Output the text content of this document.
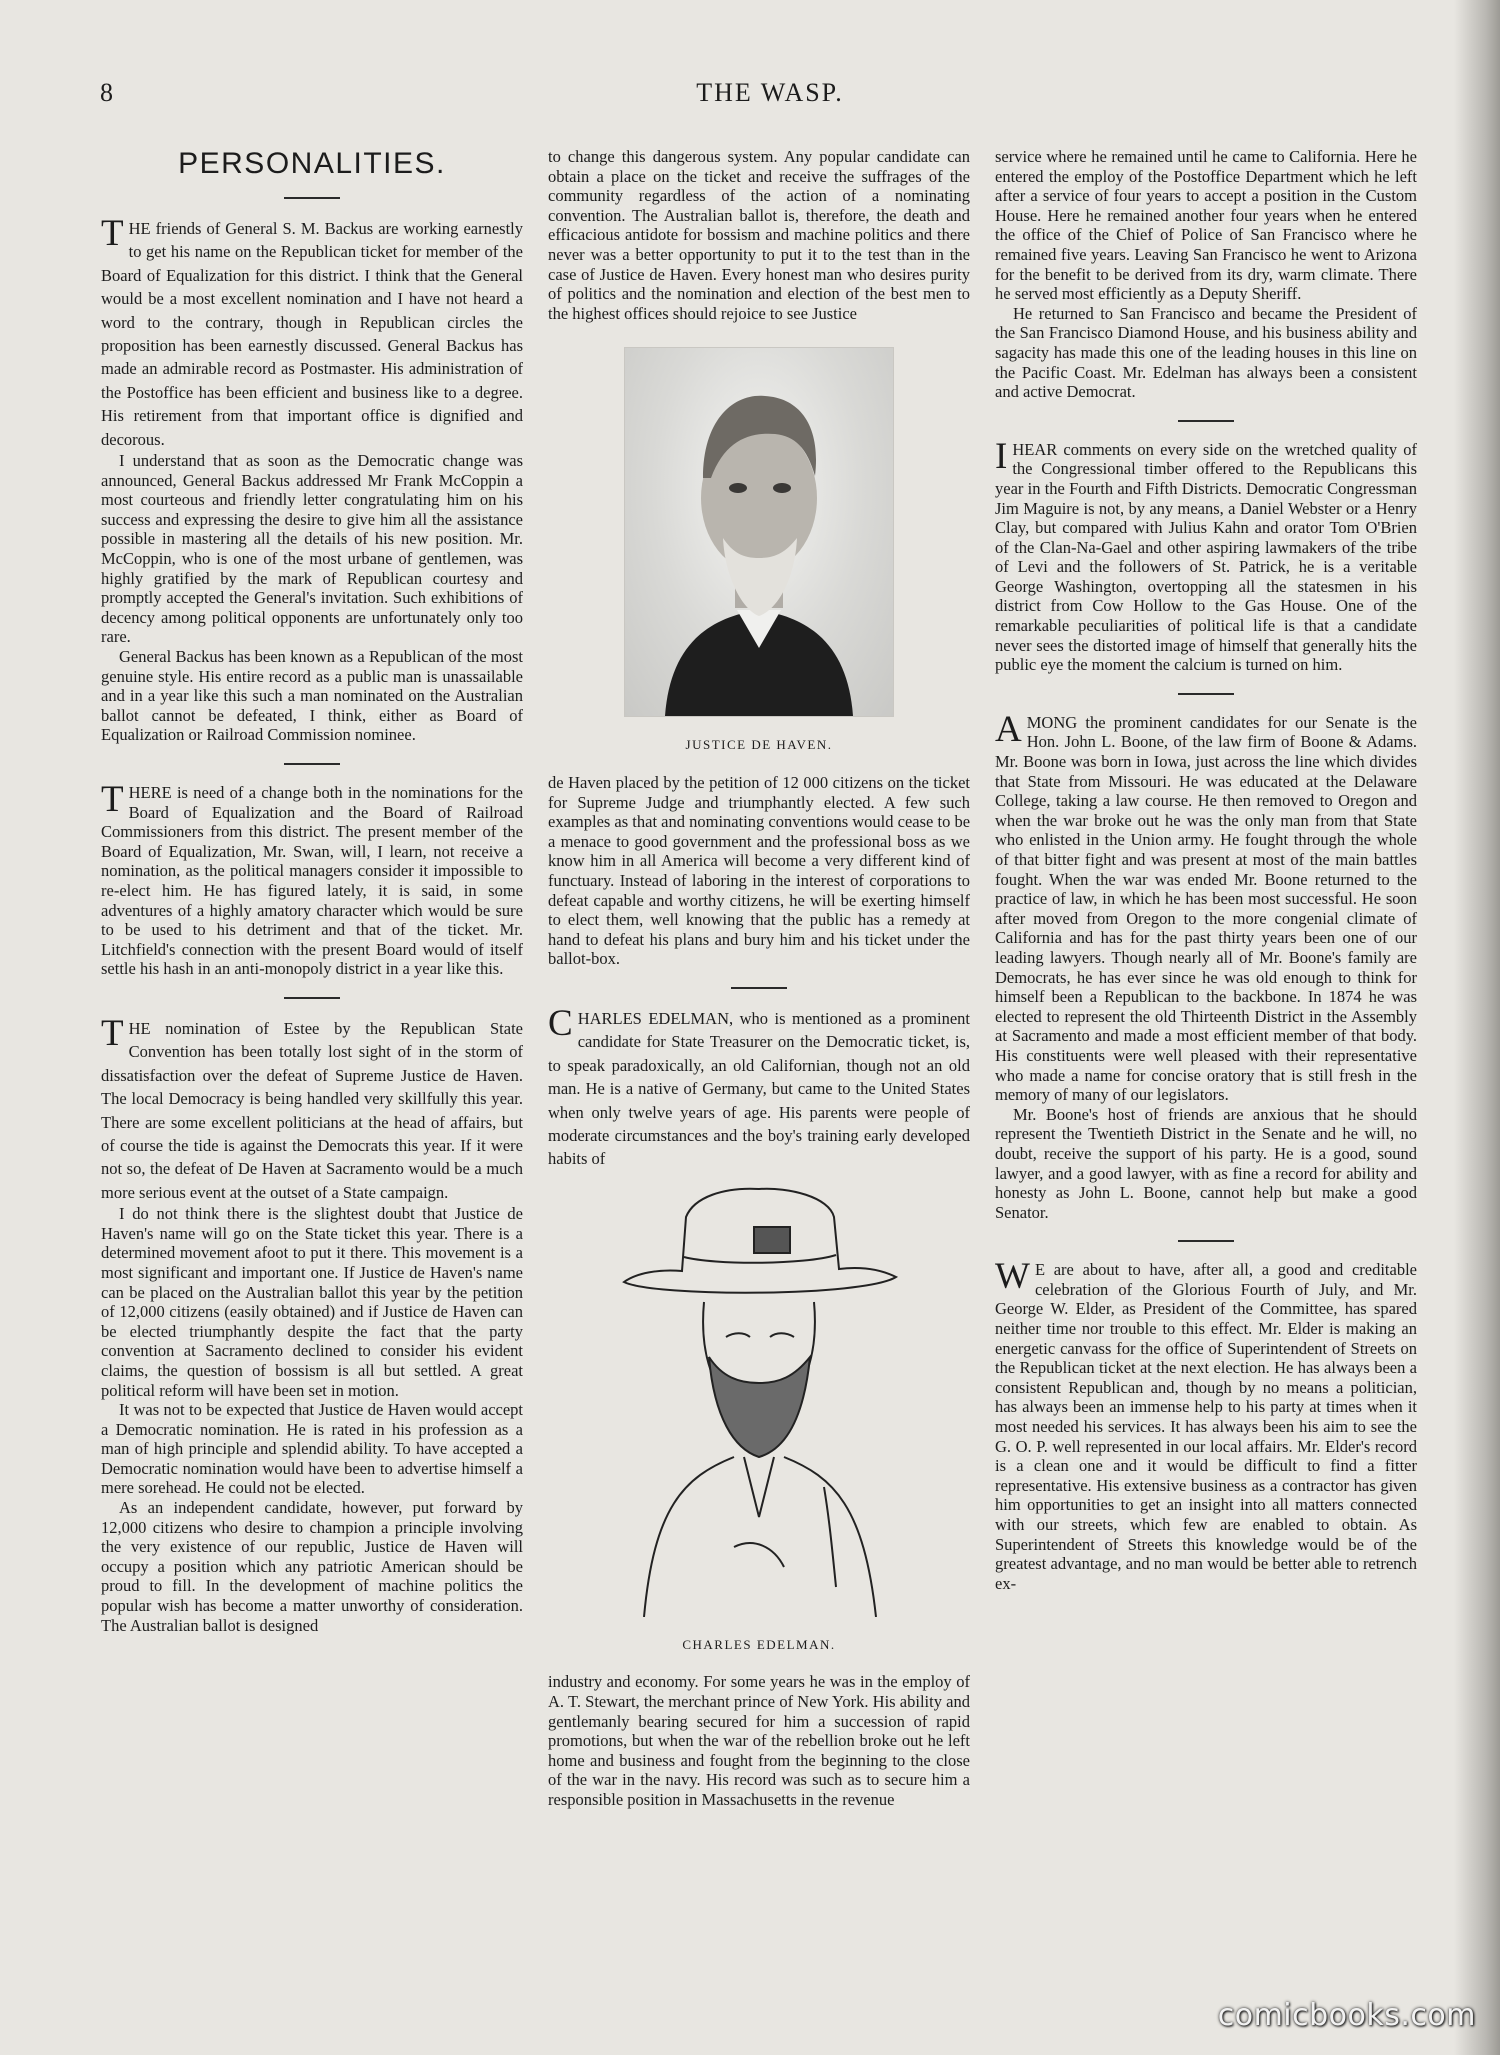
8	THE WASP.
PERSONALITIES.

THE friends of General S. M. Backus are working earnestly to get his name on the Republican ticket for member of the Board of Equalization for this district. I think that the General would be a most excellent nomination and I have not heard a word to the contrary, though in Republican circles the proposition has been earnestly discussed. General Backus has made an admirable record as Postmaster. His administration of the Postoffice has been efficient and business like to a degree. His retirement from that important office is dignified and decorous.

I understand that as soon as the Democratic change was announced, General Backus addressed Mr Frank McCoppin a most courteous and friendly letter congratulating him on his success and expressing the desire to give him all the assistance possible in mastering all the details of his new position. Mr. McCoppin, who is one of the most urbane of gentlemen, was highly gratified by the mark of Republican courtesy and promptly accepted the General's invitation. Such exhibitions of decency among political opponents are unfortunately only too rare.

General Backus has been known as a Republican of the most genuine style. His entire record as a public man is unassailable and in a year like this such a man nominated on the Australian ballot cannot be defeated, I think, either as Board of Equalization or Railroad Commission nominee.

THERE is need of a change both in the nominations for the Board of Equalization and the Board of Railroad Commissioners from this district. The present member of the Board of Equalization, Mr. Swan, will, I learn, not receive a nomination, as the political managers consider it impossible to re-elect him. He has figured lately, it is said, in some adventures of a highly amatory character which would be sure to be used to his detriment and that of the ticket. Mr. Litchfield's connection with the present Board would of itself settle his hash in an anti-monopoly district in a year like this.

THE nomination of Estee by the Republican State Convention has been totally lost sight of in the storm of dissatisfaction over the defeat of Supreme Justice de Haven. The local Democracy is being handled very skillfully this year. There are some excellent politicians at the head of affairs, but of course the tide is against the Democrats this year. If it were not so, the defeat of De Haven at Sacramento would be a much more serious event at the outset of a State campaign.

I do not think there is the slightest doubt that Justice de Haven's name will go on the State ticket this year. There is a determined movement afoot to put it there. This movement is a most significant and important one. If Justice de Haven's name can be placed on the Australian ballot this year by the petition of 12,000 citizens (easily obtained) and if Justice de Haven can be elected triumphantly despite the fact that the party convention at Sacramento declined to consider his evident claims, the question of bossism is all but settled. A great political reform will have been set in motion.

It was not to be expected that Justice de Haven would accept a Democratic nomination. He is rated in his profession as a man of high principle and splendid ability. To have accepted a Democratic nomination would have been to advertise himself a mere sorehead. He could not be elected.

As an independent candidate, however, put forward by 12,000 citizens who desire to champion a principle involving the very existence of our republic, Justice de Haven will occupy a position which any patriotic American should be proud to fill. In the development of machine politics the popular wish has become a matter unworthy of consideration. The Australian ballot is designed

to change this dangerous system. Any popular candidate can obtain a place on the ticket and receive the suffrages of the community regardless of the action of a nominating convention. The Australian ballot is, therefore, the death and efficacious antidote for bossism and machine politics and there never was a better opportunity to put it to the test than in the case of Justice de Haven. Every honest man who desires purity of politics and the nomination and election of the best men to the highest offices should rejoice to see Justice

JUSTICE DE HAVEN.

de Haven placed by the petition of 12 000 citizens on the ticket for Supreme Judge and triumphantly elected. A few such examples as that and nominating conventions would cease to be a menace to good government and the professional boss as we know him in all America will become a very different kind of functuary. Instead of laboring in the interest of corporations to defeat capable and worthy citizens, he will be exerting himself to elect them, well knowing that the public has a remedy at hand to defeat his plans and bury him and his ticket under the ballot-box.

CHARLES EDELMAN, who is mentioned as a prominent candidate for State Treasurer on the Democratic ticket, is, to speak paradoxically, an old Californian, though not an old man. He is a native of Germany, but came to the United States when only twelve years of age. His parents were people of moderate circumstances and the boy's training early developed habits of

CHARLES EDELMAN.

industry and economy. For some years he was in the employ of A. T. Stewart, the merchant prince of New York. His ability and gentlemanly bearing secured for him a succession of rapid promotions, but when the war of the rebellion broke out he left home and business and fought from the beginning to the close of the war in the navy. His record was such as to secure him a responsible position in Massachusetts in the revenue

service where he remained until he came to California. Here he entered the employ of the Postoffice Department which he left after a service of four years to accept a position in the Custom House. Here he remained another four years when he entered the office of the Chief of Police of San Francisco where he remained five years. Leaving San Francisco he went to Arizona for the benefit to be derived from its dry, warm climate. There he served most efficiently as a Deputy Sheriff.

He returned to San Francisco and became the President of the San Francisco Diamond House, and his business ability and sagacity has made this one of the leading houses in this line on the Pacific Coast. Mr. Edelman has always been a consistent and active Democrat.

IHEAR comments on every side on the wretched quality of the Congressional timber offered to the Republicans this year in the Fourth and Fifth Districts. Democratic Congressman Jim Maguire is not, by any means, a Daniel Webster or a Henry Clay, but compared with Julius Kahn and orator Tom O'Brien of the Clan-Na-Gael and other aspiring lawmakers of the tribe of Levi and the followers of St. Patrick, he is a veritable George Washington, overtopping all the statesmen in his district from Cow Hollow to the Gas House. One of the remarkable peculiarities of political life is that a candidate never sees the distorted image of himself that generally hits the public eye the moment the calcium is turned on him.

AMONG the prominent candidates for our Senate is the Hon. John L. Boone, of the law firm of Boone & Adams. Mr. Boone was born in Iowa, just across the line which divides that State from Missouri. He was educated at the Delaware College, taking a law course. He then removed to Oregon and when the war broke out he was the only man from that State who enlisted in the Union army. He fought through the whole of that bitter fight and was present at most of the main battles fought. When the war was ended Mr. Boone returned to the practice of law, in which he has been most successful. He soon after moved from Oregon to the more congenial climate of California and has for the past thirty years been one of our leading lawyers. Though nearly all of Mr. Boone's family are Democrats, he has ever since he was old enough to think for himself been a Republican to the backbone. In 1874 he was elected to represent the old Thirteenth District in the Assembly at Sacramento and made a most efficient member of that body. His constituents were well pleased with their representative who made a name for concise oratory that is still fresh in the memory of many of our legislators.

Mr. Boone's host of friends are anxious that he should represent the Twentieth District in the Senate and he will, no doubt, receive the support of his party. He is a good, sound lawyer, and a good lawyer, with as fine a record for ability and honesty as John L. Boone, cannot help but make a good Senator.

W E are about to have, after all, a good and creditable celebration of the Glorious Fourth of July, and Mr. George W. Elder, as President of the Committee, has spared neither time nor trouble to this effect. Mr. Elder is making an energetic canvass for the office of Superintendent of Streets on the Republican ticket at the next election. He has always been a consistent Republican and, though by no means a politician, has always been an immense help to his party at times when it most needed his services. It has always been his aim to see the G. O. P. well represented in our local affairs. Mr. Elder's record is a clean one and it would be difficult to find a fitter representative. His extensive business as a contractor has given him opportunities to get an insight into all matters connected with our streets, which few are enabled to obtain. As Superintendent of Streets this knowledge would be of the greatest advantage, and no man would be better able to retrench ex-

comicbooks.com
